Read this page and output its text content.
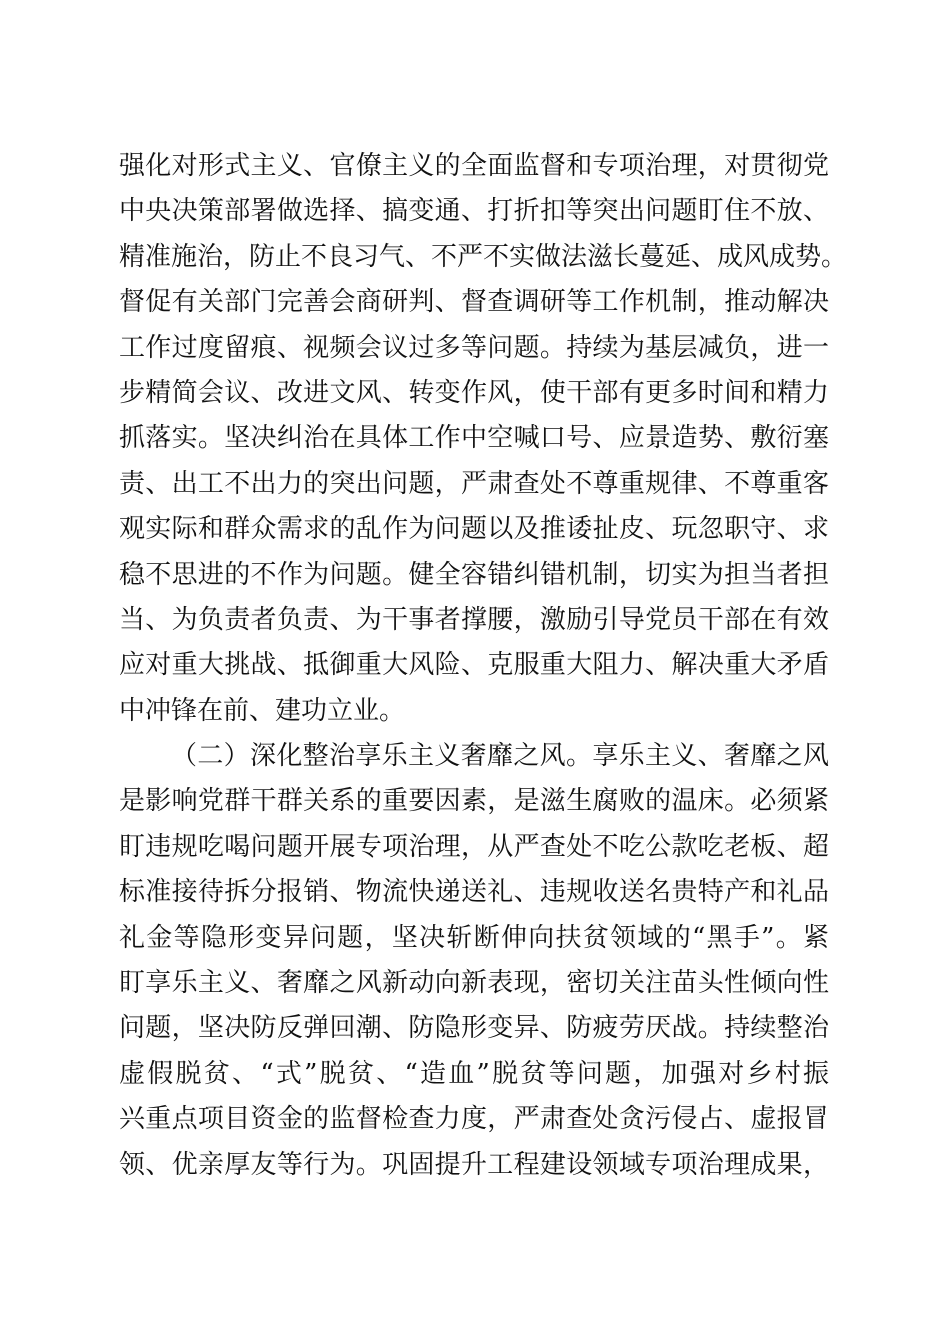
强化对形式主义、官僚主义的全面监督和专项治理，对贯彻党
中央决策部署做选择、搞变通、打折扣等突出问题盯住不放、
精准施治，防止不良习气、不严不实做法滋长蔓延、成风成势。
督促有关部门完善会商研判、督查调研等工作机制，推动解决
工作过度留痕、视频会议过多等问题。持续为基层减负，进一
步精简会议、改进文风、转变作风，使干部有更多时间和精力
抓落实。坚决纠治在具体工作中空喊口号、应景造势、敷衍塞
责、出工不出力的突出问题，严肃查处不尊重规律、不尊重客
观实际和群众需求的乱作为问题以及推诿扯皮、玩忽职守、求
稳不思进的不作为问题。健全容错纠错机制，切实为担当者担
当、为负责者负责、为干事者撑腰，激励引导党员干部在有效
应对重大挑战、抵御重大风险、克服重大阻力、解决重大矛盾
中冲锋在前、建功立业。
（二）深化整治享乐主义奢靡之风。享乐主义、奢靡之风
是影响党群干群关系的重要因素，是滋生腐败的温床。必须紧
盯违规吃喝问题开展专项治理，从严查处不吃公款吃老板、超
标准接待拆分报销、物流快递送礼、违规收送名贵特产和礼品
礼金等隐形变异问题，坚决斩断伸向扶贫领域的“黑手”。紧
盯享乐主义、奢靡之风新动向新表现，密切关注苗头性倾向性
问题，坚决防反弹回潮、防隐形变异、防疲劳厌战。持续整治
虚假脱贫、“式”脱贫、“造血”脱贫等问题，加强对乡村振
兴重点项目资金的监督检查力度，严肃查处贪污侵占、虚报冒
领、优亲厚友等行为。巩固提升工程建设领域专项治理成果，
